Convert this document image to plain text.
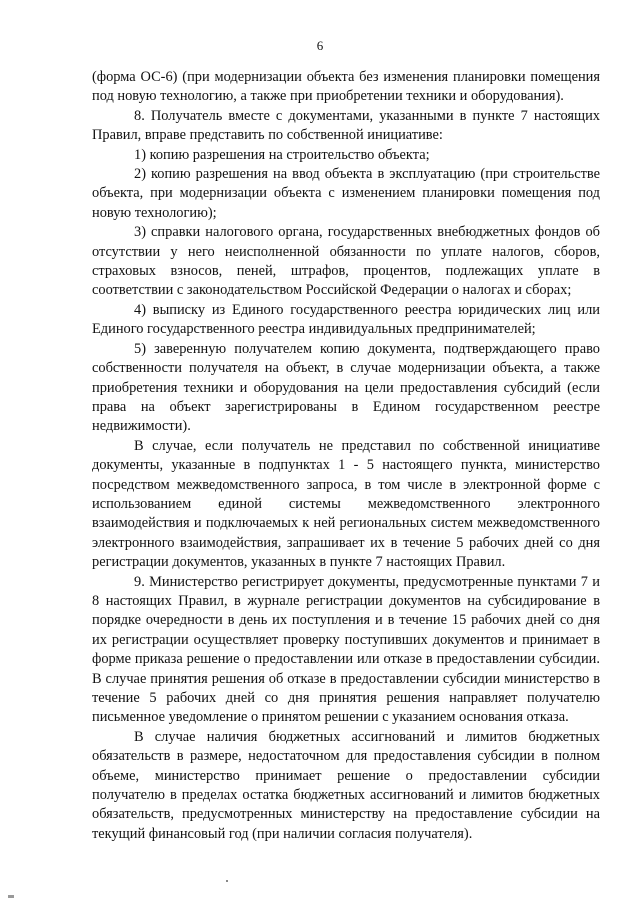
6

(форма ОС-6) (при модернизации объекта без изменения планировки помещения под новую технологию, а также при приобретении техники и оборудования).

8. Получатель вместе с документами, указанными в пункте 7 настоящих Правил, вправе представить по собственной инициативе:

1) копию разрешения на строительство объекта;

2) копию разрешения на ввод объекта в эксплуатацию (при строительстве объекта, при модернизации объекта с изменением планировки помещения под новую технологию);

3) справки налогового органа, государственных внебюджетных фондов об отсутствии у него неисполненной обязанности по уплате налогов, сборов, страховых взносов, пеней, штрафов, процентов, подлежащих уплате в соответствии с законодательством Российской Федерации о налогах и сборах;

4) выписку из Единого государственного реестра юридических лиц или Единого государственного реестра индивидуальных предпринимателей;

5) заверенную получателем копию документа, подтверждающего право собственности получателя на объект, в случае модернизации объекта, а также приобретения техники и оборудования на цели предоставления субсидий (если права на объект зарегистрированы в Едином государственном реестре недвижимости).

В случае, если получатель не представил по собственной инициативе документы, указанные в подпунктах 1 - 5 настоящего пункта, министерство посредством межведомственного запроса, в том числе в электронной форме с использованием единой системы межведомственного электронного взаимодействия и подключаемых к ней региональных систем межведомственного электронного взаимодействия, запрашивает их в течение 5 рабочих дней со дня регистрации документов, указанных в пункте 7 настоящих Правил.

9. Министерство регистрирует документы, предусмотренные пунктами 7 и 8 настоящих Правил, в журнале регистрации документов на субсидирование в порядке очередности в день их поступления и в течение 15 рабочих дней со дня их регистрации осуществляет проверку поступивших документов и принимает в форме приказа решение о предоставлении или отказе в предоставлении субсидии. В случае принятия решения об отказе в предоставлении субсидии министерство в течение 5 рабочих дней со дня принятия решения направляет получателю письменное уведомление о принятом решении с указанием основания отказа.

В случае наличия бюджетных ассигнований и лимитов бюджетных обязательств в размере, недостаточном для предоставления субсидии в полном объеме, министерство принимает решение о предоставлении субсидии получателю в пределах остатка бюджетных ассигнований и лимитов бюджетных обязательств, предусмотренных министерству на предоставление субсидии на текущий финансовый год (при наличии согласия получателя).
